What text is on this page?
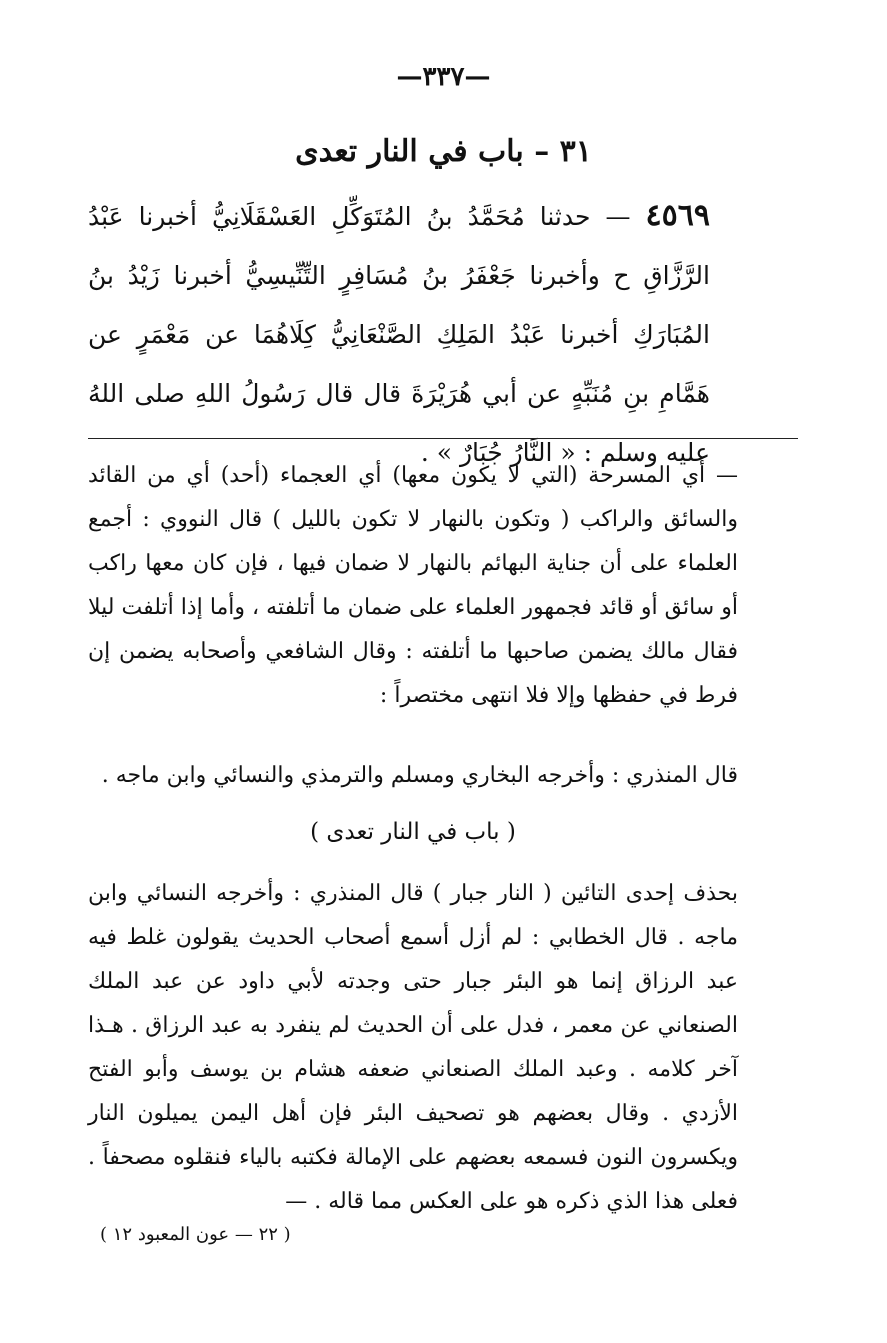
—٣٣٧—
٣١ – باب في النار تعدى
٤٥٦٩ — حدثنا مُحَمَّدُ بنُ المُتَوَكِّلِ العَسْقَلَانِيُّ أخبرنا عَبْدُ الرَّزَّاقِ ح وأخبرنا جَعْفَرُ بنُ مُسَافِرٍ التِّنِّيسِيُّ أخبرنا زَيْدُ بنُ المُبَارَكِ أخبرنا عَبْدُ المَلِكِ الصَّنْعَانِيُّ كِلَاهُمَا عن مَعْمَرٍ عن هَمَّامِ بنِ مُنَبِّهٍ عن أبي هُرَيْرَةَ قال قال رَسُولُ اللهِ صلى اللهُ عليه وسلم : « النَّارُ جُبَارٌ » .

— أي المسرحة (التي لا يكون معها) أي العجماء (أحد) أي من القائد والسائق والراكب ( وتكون بالنهار لا تكون بالليل ) قال النووي : أجمع العلماء على أن جناية البهائم بالنهار لا ضمان فيها ، فإن كان معها راكب أو سائق أو قائد فجمهور العلماء على ضمان ما أتلفته ، وأما إذا أتلفت ليلا فقال مالك يضمن صاحبها ما أتلفته : وقال الشافعي وأصحابه يضمن إن فرط في حفظها وإلا فلا انتهى مختصراً :

قال المنذري : وأخرجه البخاري ومسلم والترمذي والنسائي وابن ماجه .

( باب في النار تعدى )

بحذف إحدى التائين ( النار جبار ) قال المنذري : وأخرجه النسائي وابن ماجه . قال الخطابي : لم أزل أسمع أصحاب الحديث يقولون غلط فيه عبد الرزاق إنما هو البئر جبار حتى وجدته لأبي داود عن عبد الملك الصنعاني عن معمر ، فدل على أن الحديث لم ينفرد به عبد الرزاق . هـذا آخر كلامه . وعبد الملك الصنعاني ضعفه هشام بن يوسف وأبو الفتح الأزدي . وقال بعضهم هو تصحيف البئر فإن أهل اليمن يميلون النار ويكسرون النون فسمعه بعضهم على الإمالة فكتبه بالياء فنقلوه مصحفاً . فعلى هذا الذي ذكره هو على العكس مما قاله . —

( ٢٢ — عون المعبود ١٢ )
